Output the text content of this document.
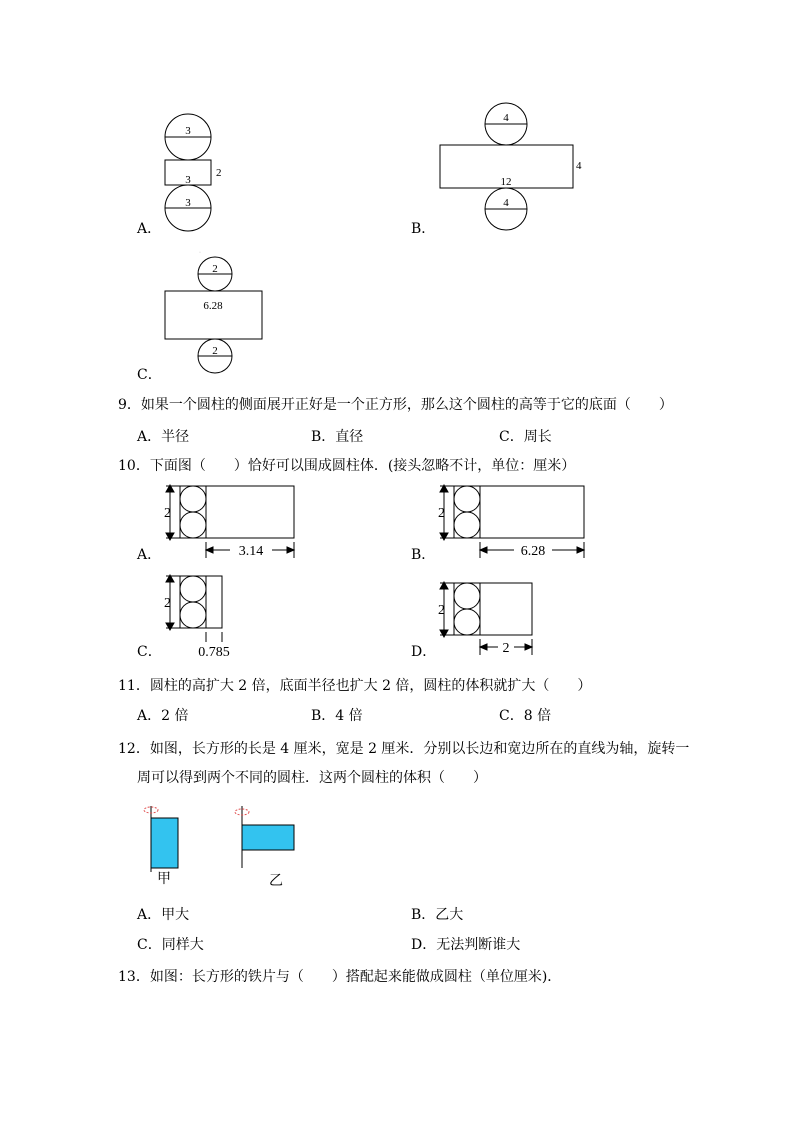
3
3
2
3
A．
4
12
4
4
B．
·
2
6.28
2
C．
9．如果一个圆柱的侧面展开正好是一个正方形，那么这个圆柱的高等于它的底面（　　）
A．半径	B．直径	C．周长
10．下面图（　　）恰好可以围成圆柱体．(接头忽略不计，单位：厘米）
2
3.14
A．
2
6.28
B．
2
0.785
C．
2
2
D．
11．圆柱的高扩大 2 倍，底面半径也扩大 2 倍，圆柱的体积就扩大（　　）
A．2 倍	B．4 倍	C．8 倍
12．如图，长方形的长是 4 厘米，宽是 2 厘米．分别以长边和宽边所在的直线为轴，旋转一
周可以得到两个不同的圆柱．这两个圆柱的体积（　　）
甲	乙
A．甲大	B．乙大
C．同样大	D．无法判断谁大
13．如图：长方形的铁片与（　　）搭配起来能做成圆柱（单位厘米)．
